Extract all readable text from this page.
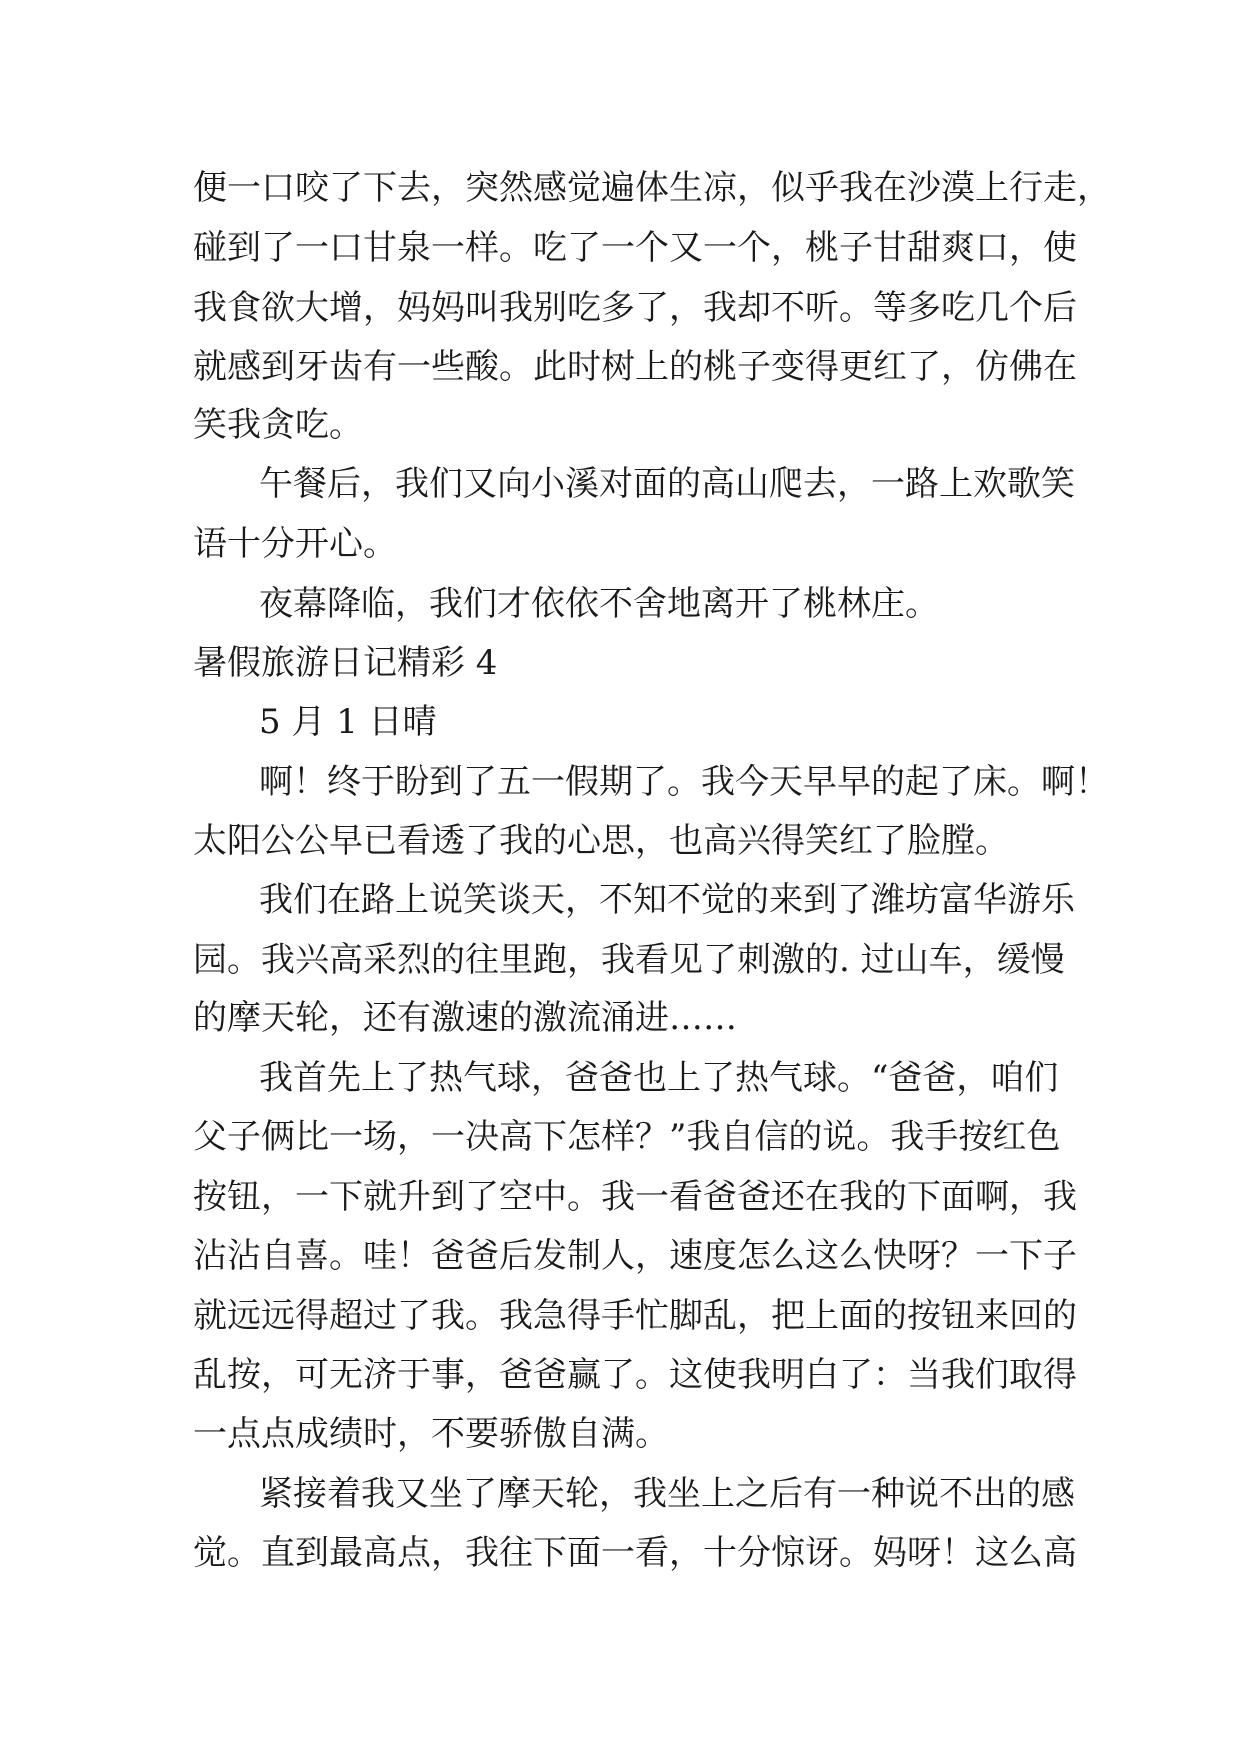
便一口咬了下去，突然感觉遍体生凉，似乎我在沙漠上行走，
碰到了一口甘泉一样。吃了一个又一个，桃子甘甜爽口，使
我食欲大增，妈妈叫我别吃多了，我却不听。等多吃几个后
就感到牙齿有一些酸。此时树上的桃子变得更红了，仿佛在
笑我贪吃。
午餐后，我们又向小溪对面的高山爬去，一路上欢歌笑
语十分开心。
夜幕降临，我们才依依不舍地离开了桃林庄。
暑假旅游日记精彩 4
5 月 1 日晴
啊！终于盼到了五一假期了。我今天早早的起了床。啊！
太阳公公早已看透了我的心思，也高兴得笑红了脸膛。
我们在路上说笑谈天，不知不觉的来到了潍坊富华游乐
园。我兴高采烈的往里跑，我看见了刺激的. 过山车，缓慢
的摩天轮，还有激速的激流涌进……
我首先上了热气球，爸爸也上了热气球。“爸爸，咱们
父子俩比一场，一决高下怎样？”我自信的说。我手按红色
按钮，一下就升到了空中。我一看爸爸还在我的下面啊，我
沾沾自喜。哇！爸爸后发制人，速度怎么这么快呀？一下子
就远远得超过了我。我急得手忙脚乱，把上面的按钮来回的
乱按，可无济于事，爸爸赢了。这使我明白了：当我们取得
一点点成绩时，不要骄傲自满。
紧接着我又坐了摩天轮，我坐上之后有一种说不出的感
觉。直到最高点，我往下面一看，十分惊讶。妈呀！这么高
